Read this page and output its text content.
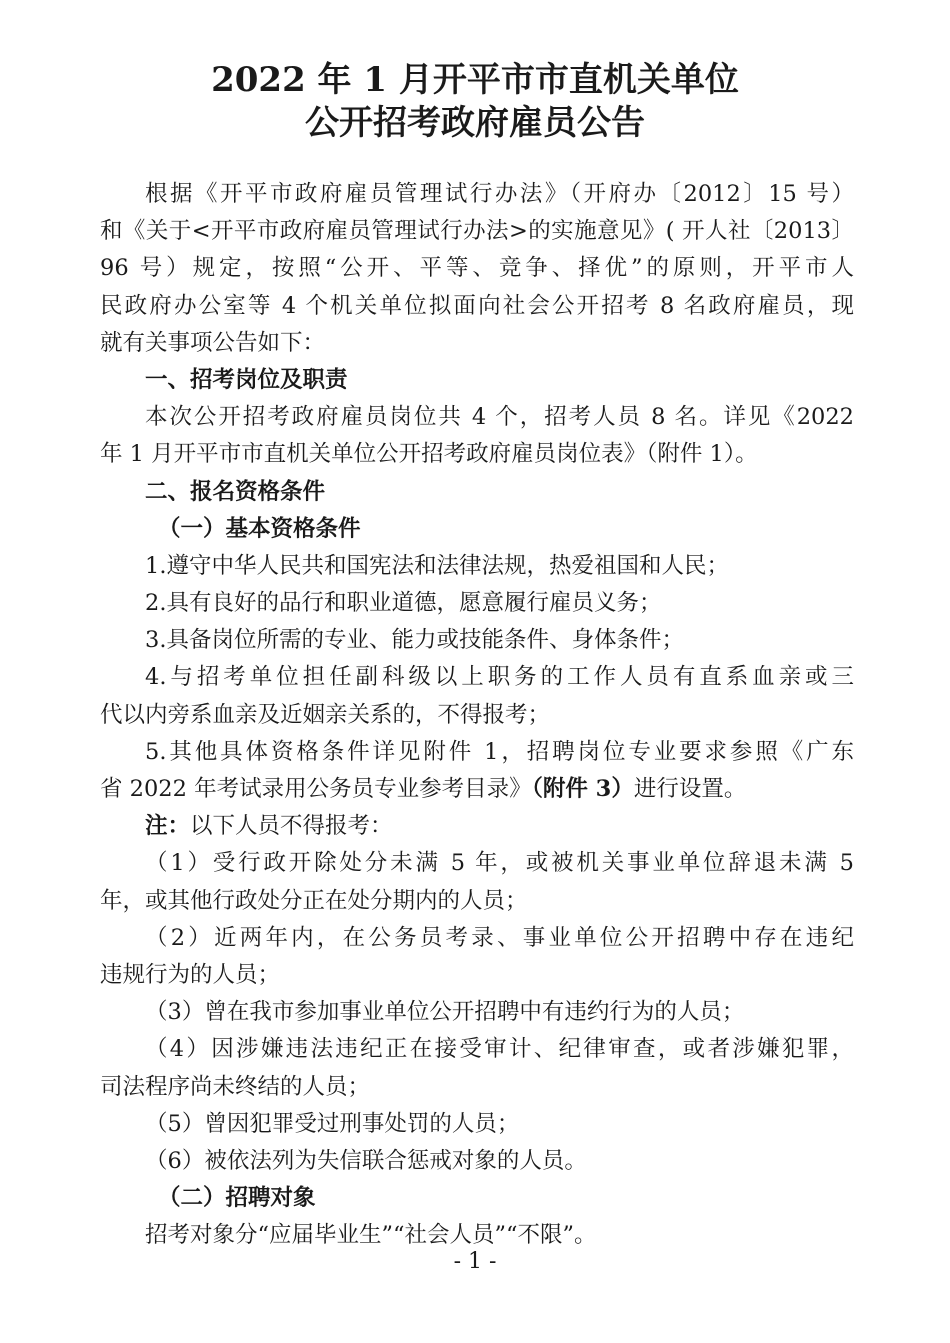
2022 年 1 月开平市市直机关单位
公开招考政府雇员公告
根据《开平市政府雇员管理试行办法》（开府办〔2012〕15 号）
和《关于<开平市政府雇员管理试行办法>的实施意见》( 开人社〔2013〕
96 号）规定，按照“公开、平等、竞争、择优”的原则，开平市人
民政府办公室等 4 个机关单位拟面向社会公开招考 8 名政府雇员，现
就有关事项公告如下：
一、招考岗位及职责
本次公开招考政府雇员岗位共 4 个，招考人员 8 名。详见《2022
年 1 月开平市市直机关单位公开招考政府雇员岗位表》（附件 1）。
二、报名资格条件
（一）基本资格条件
1.遵守中华人民共和国宪法和法律法规，热爱祖国和人民；
2.具有良好的品行和职业道德，愿意履行雇员义务；
3.具备岗位所需的专业、能力或技能条件、身体条件；
4.与招考单位担任副科级以上职务的工作人员有直系血亲或三
代以内旁系血亲及近姻亲关系的，不得报考；
5.其他具体资格条件详见附件 1，招聘岗位专业要求参照《广东
省 2022 年考试录用公务员专业参考目录》（附件 3）进行设置。
注：以下人员不得报考：
（1）受行政开除处分未满 5 年，或被机关事业单位辞退未满 5
年，或其他行政处分正在处分期内的人员；
（2）近两年内，在公务员考录、事业单位公开招聘中存在违纪
违规行为的人员；
（3）曾在我市参加事业单位公开招聘中有违约行为的人员；
（4）因涉嫌违法违纪正在接受审计、纪律审查，或者涉嫌犯罪，
司法程序尚未终结的人员；
（5）曾因犯罪受过刑事处罚的人员；
（6）被依法列为失信联合惩戒对象的人员。
（二）招聘对象
招考对象分“应届毕业生”“社会人员”“不限”。
- 1 -
